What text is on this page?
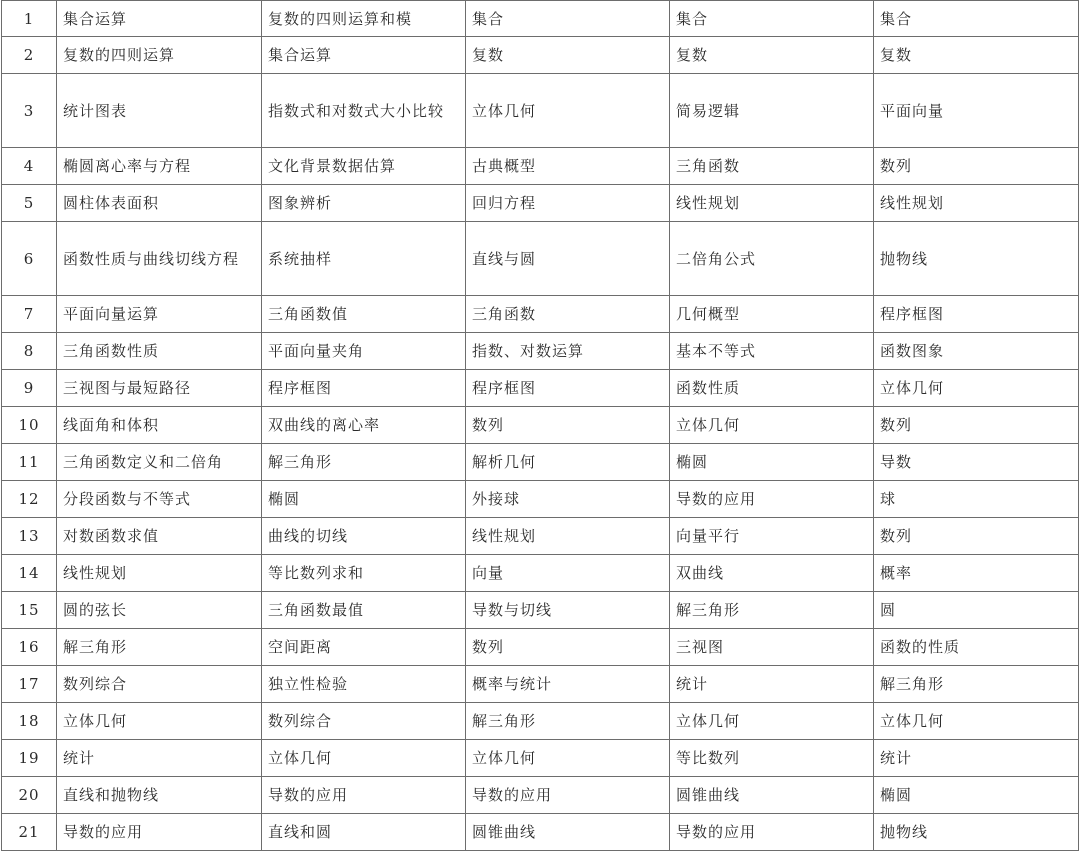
1	集合运算	复数的四则运算和模	集合	集合	集合
2	复数的四则运算	集合运算	复数	复数	复数
3	统计图表	指数式和对数式大小比较	立体几何	简易逻辑	平面向量
4	椭圆离心率与方程	文化背景数据估算	古典概型	三角函数	数列
5	圆柱体表面积	图象辨析	回归方程	线性规划	线性规划
6	函数性质与曲线切线方程	系统抽样	直线与圆	二倍角公式	抛物线
7	平面向量运算	三角函数值	三角函数	几何概型	程序框图
8	三角函数性质	平面向量夹角	指数、对数运算	基本不等式	函数图象
9	三视图与最短路径	程序框图	程序框图	函数性质	立体几何
10	线面角和体积	双曲线的离心率	数列	立体几何	数列
11	三角函数定义和二倍角	解三角形	解析几何	椭圆	导数
12	分段函数与不等式	椭圆	外接球	导数的应用	球
13	对数函数求值	曲线的切线	线性规划	向量平行	数列
14	线性规划	等比数列求和	向量	双曲线	概率
15	圆的弦长	三角函数最值	导数与切线	解三角形	圆
16	解三角形	空间距离	数列	三视图	函数的性质
17	数列综合	独立性检验	概率与统计	统计	解三角形
18	立体几何	数列综合	解三角形	立体几何	立体几何
19	统计	立体几何	立体几何	等比数列	统计
20	直线和抛物线	导数的应用	导数的应用	圆锥曲线	椭圆
21	导数的应用	直线和圆	圆锥曲线	导数的应用	抛物线
